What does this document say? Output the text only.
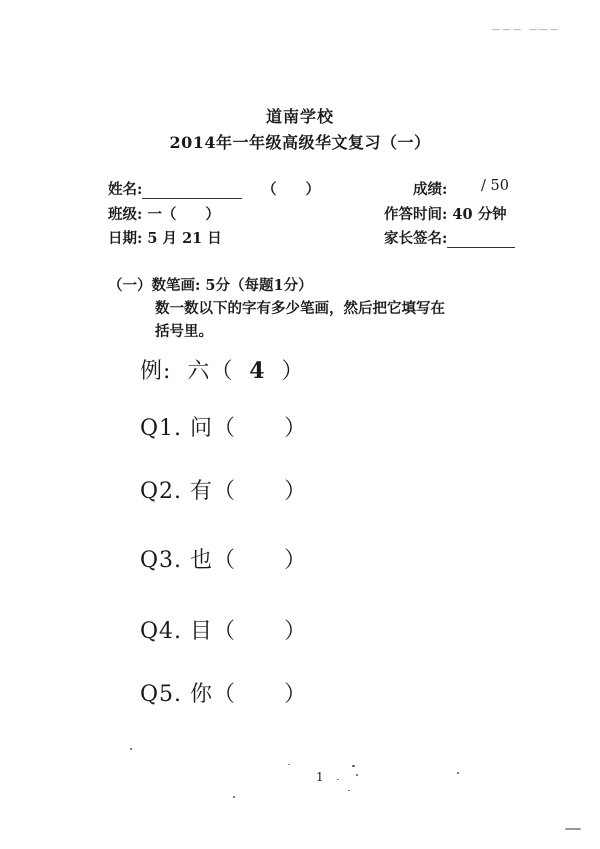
— — —　—·— —
道南学校
2014年一年级高级华文复习（一）
姓名:	（　　）	成绩: / 50
班级: 一（　　）	作答时间: 40 分钟
日期: 5 月 21 日	家长签名:
（一）数笔画: 5分（每题1分）
数一数以下的字有多少笔画，然后把它填写在
括号里。
例: 六（ 4 ）
Q1. 问（ ）
Q2. 有（ ）
Q3. 也（ ）
Q4. 目（ ）
Q5. 你（ ）
1
